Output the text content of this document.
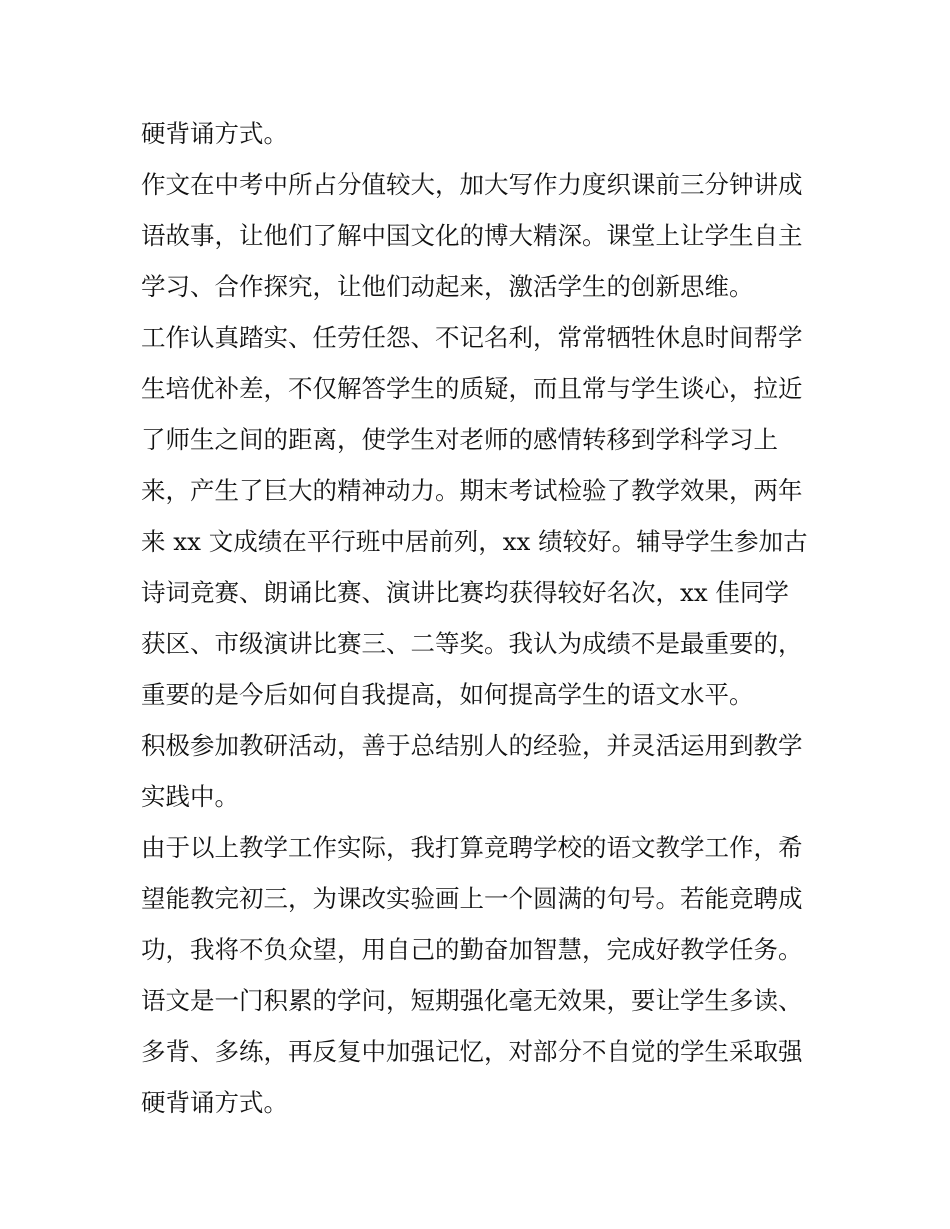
硬背诵方式。
作文在中考中所占分值较大，加大写作力度织课前三分钟讲成
语故事，让他们了解中国文化的博大精深。课堂上让学生自主
学习、合作探究，让他们动起来，激活学生的创新思维。
工作认真踏实、任劳任怨、不记名利，常常牺牲休息时间帮学
生培优补差，不仅解答学生的质疑，而且常与学生谈心，拉近
了师生之间的距离，使学生对老师的感情转移到学科学习上
来，产生了巨大的精神动力。期末考试检验了教学效果，两年
来 xx 文成绩在平行班中居前列，xx 绩较好。辅导学生参加古
诗词竞赛、朗诵比赛、演讲比赛均获得较好名次，xx 佳同学
获区、市级演讲比赛三、二等奖。我认为成绩不是最重要的，
重要的是今后如何自我提高，如何提高学生的语文水平。
积极参加教研活动，善于总结别人的经验，并灵活运用到教学
实践中。
由于以上教学工作实际，我打算竞聘学校的语文教学工作，希
望能教完初三，为课改实验画上一个圆满的句号。若能竞聘成
功，我将不负众望，用自己的勤奋加智慧，完成好教学任务。
语文是一门积累的学问，短期强化毫无效果，要让学生多读、
多背、多练，再反复中加强记忆，对部分不自觉的学生采取强
硬背诵方式。
